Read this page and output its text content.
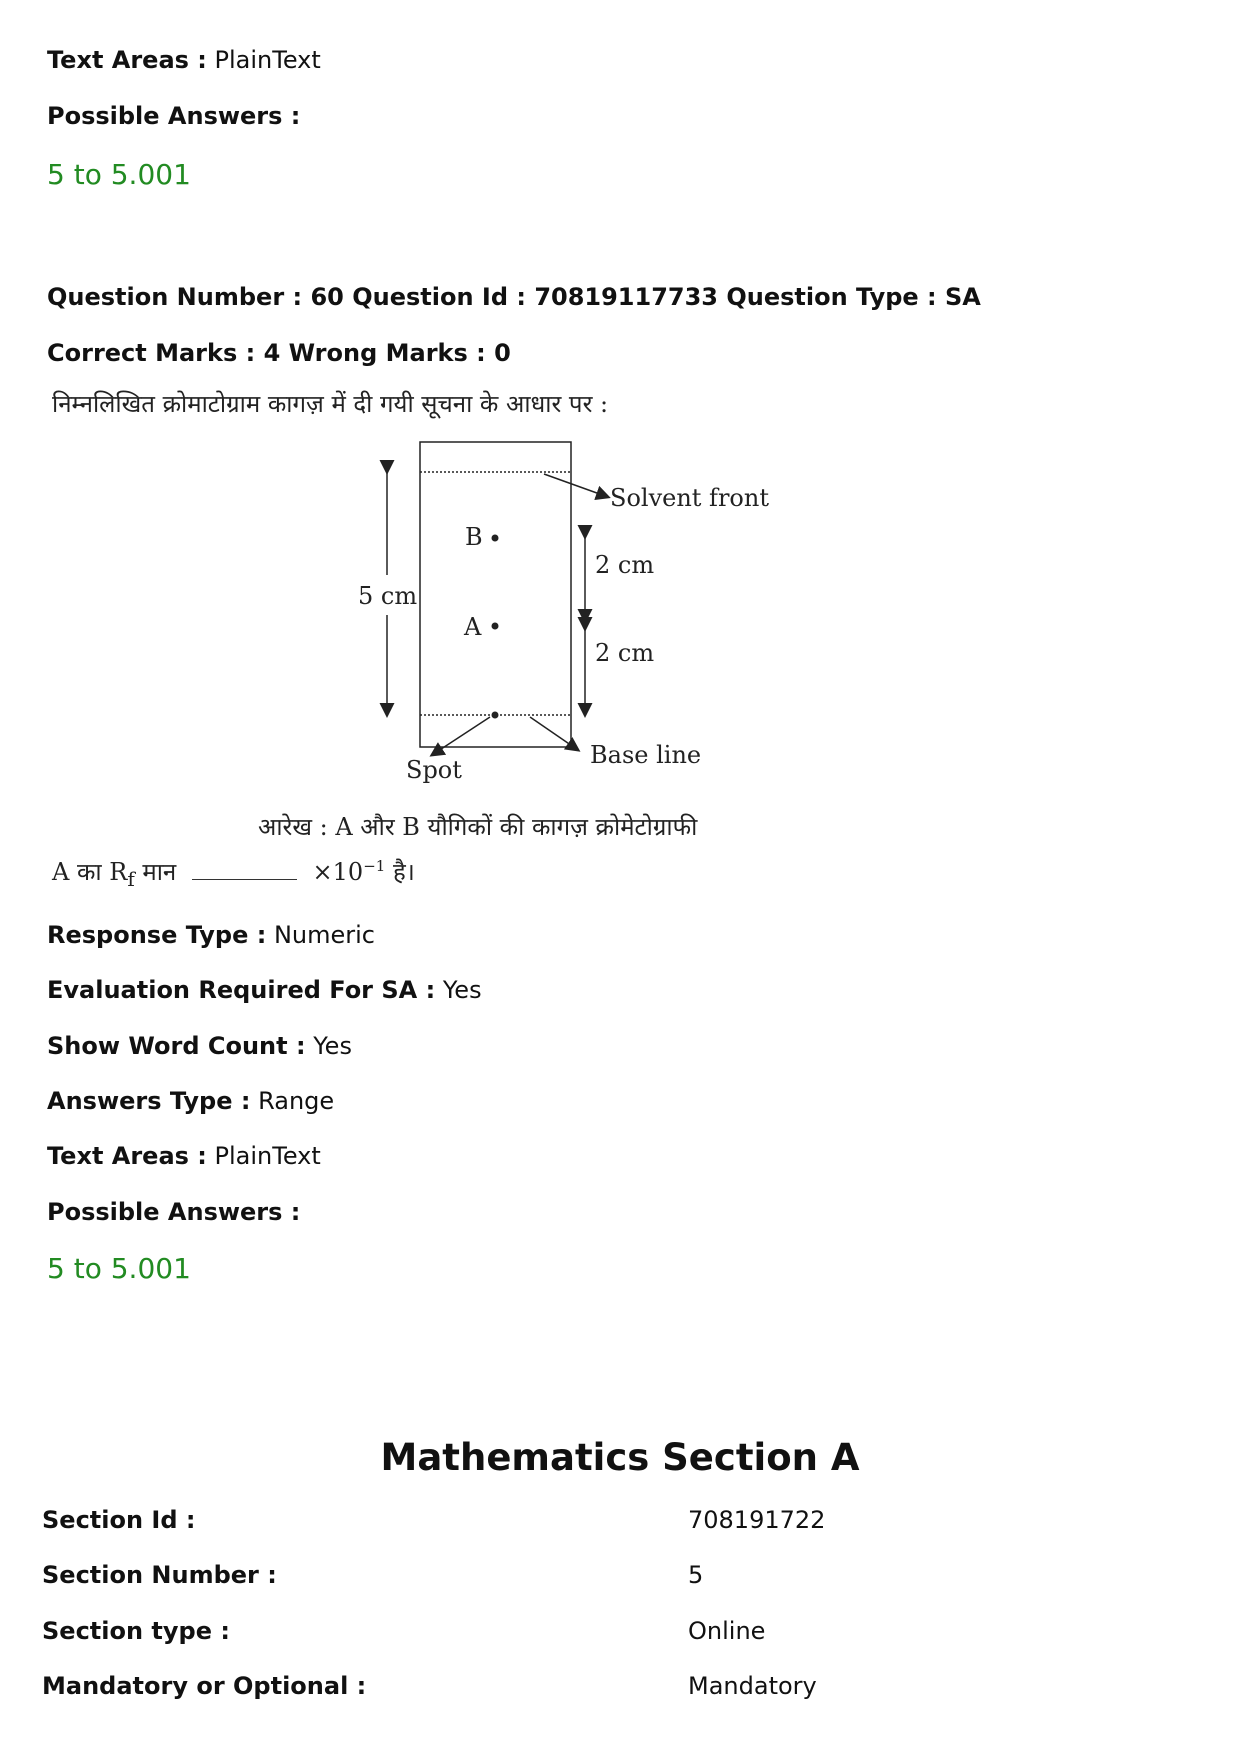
Text Areas : PlainText
Possible Answers :
5 to 5.001
Question Number : 60 Question Id : 70819117733 Question Type : SA
Correct Marks : 4 Wrong Marks : 0
निम्नलिखित क्रोमाटोग्राम कागज़ में दी गयी सूचना के आधार पर :
5 cm
B
A
2 cm
2 cm
Solvent front
Spot
Base line
आरेख : A और B यौगिकों की कागज़ क्रोमेटोग्राफी
A का $R_f$ मान	$\times 10^{-1}$ है।
Response Type : Numeric
Evaluation Required For SA : Yes
Show Word Count : Yes
Answers Type : Range
Text Areas : PlainText
Possible Answers :
5 to 5.001
Mathematics Section A
Section Id :	708191722
Section Number :	5
Section type :	Online
Mandatory or Optional :	Mandatory
